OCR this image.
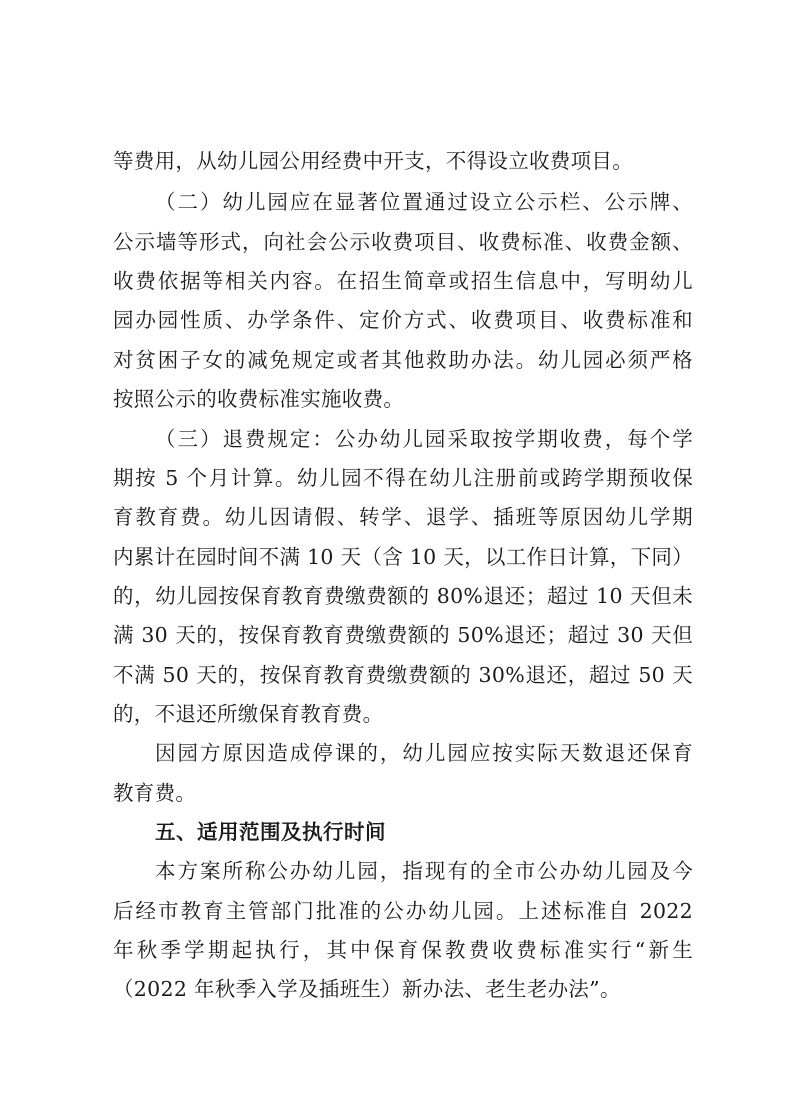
等费用，从幼儿园公用经费中开支，不得设立收费项目。
（二）幼儿园应在显著位置通过设立公示栏、公示牌、
公示墙等形式，向社会公示收费项目、收费标准、收费金额、
收费依据等相关内容。在招生简章或招生信息中，写明幼儿
园办园性质、办学条件、定价方式、收费项目、收费标准和
对贫困子女的减免规定或者其他救助办法。幼儿园必须严格
按照公示的收费标准实施收费。
（三）退费规定：公办幼儿园采取按学期收费，每个学
期按 5 个月计算。幼儿园不得在幼儿注册前或跨学期预收保
育教育费。幼儿因请假、转学、退学、插班等原因幼儿学期
内累计在园时间不满 10 天（含 10 天，以工作日计算，下同）
的，幼儿园按保育教育费缴费额的 80%退还；超过 10 天但未
满 30 天的，按保育教育费缴费额的 50%退还；超过 30 天但
不满 50 天的，按保育教育费缴费额的 30%退还，超过 50 天
的，不退还所缴保育教育费。
因园方原因造成停课的，幼儿园应按实际天数退还保育
教育费。
五、适用范围及执行时间
本方案所称公办幼儿园，指现有的全市公办幼儿园及今
后经市教育主管部门批准的公办幼儿园。上述标准自 2022
年秋季学期起执行，其中保育保教费收费标准实行“新生
（2022 年秋季入学及插班生）新办法、老生老办法”。
